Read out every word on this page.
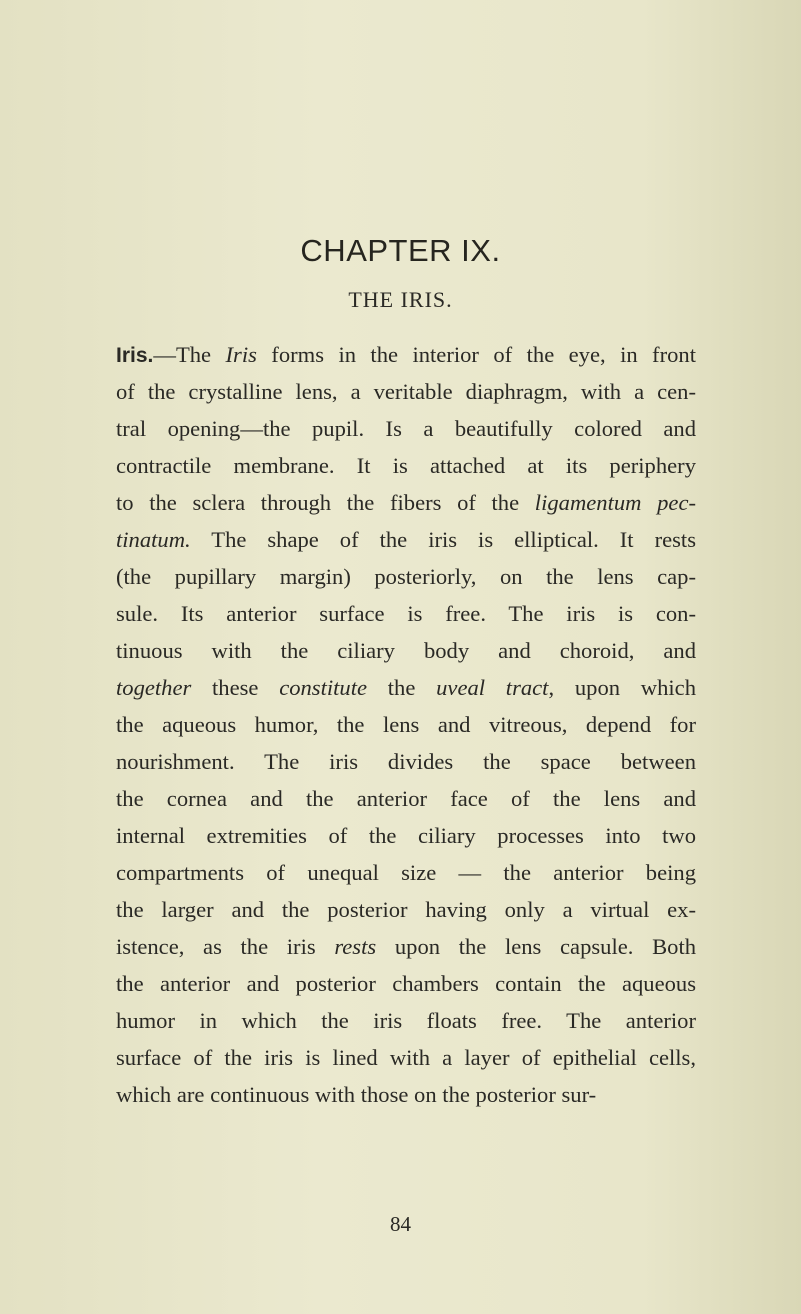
CHAPTER IX.
THE IRIS.
Iris.—The Iris forms in the interior of the eye, in front
of the crystalline lens, a veritable diaphragm, with a cen-
tral opening—the pupil. Is a beautifully colored and
contractile membrane. It is attached at its periphery
to the sclera through the fibers of the ligamentum pec-
tinatum. The shape of the iris is elliptical. It rests
(the pupillary margin) posteriorly, on the lens cap-
sule. Its anterior surface is free. The iris is con-
tinuous with the ciliary body and choroid, and
together these constitute the uveal tract, upon which
the aqueous humor, the lens and vitreous, depend for
nourishment. The iris divides the space between
the cornea and the anterior face of the lens and
internal extremities of the ciliary processes into two
compartments of unequal size — the anterior being
the larger and the posterior having only a virtual ex-
istence, as the iris rests upon the lens capsule. Both
the anterior and posterior chambers contain the aqueous
humor in which the iris floats free. The anterior
surface of the iris is lined with a layer of epithelial cells,
which are continuous with those on the posterior sur-
84
